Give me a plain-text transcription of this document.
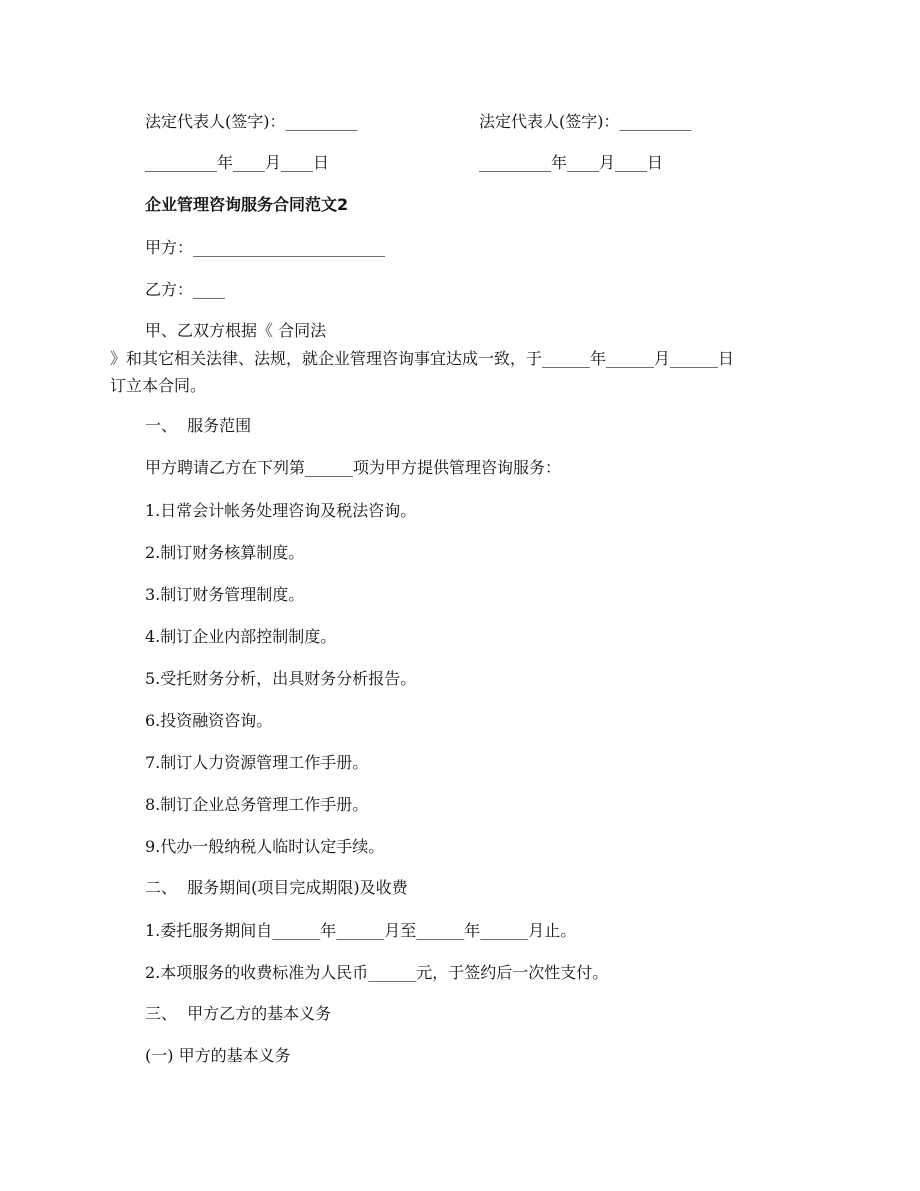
法定代表人(签字)：_________	法定代表人(签字)：_________
_________年____月____日	_________年____月____日
企业管理咨询服务合同范文2
甲方：________________________
乙方：____
甲、乙双方根据《 合同法
》和其它相关法律、法规，就企业管理咨询事宜达成一致，于______年______月______日
订立本合同。
一、  服务范围
甲方聘请乙方在下列第______项为甲方提供管理咨询服务：
1.日常会计帐务处理咨询及税法咨询。
2.制订财务核算制度。
3.制订财务管理制度。
4.制订企业内部控制制度。
5.受托财务分析，出具财务分析报告。
6.投资融资咨询。
7.制订人力资源管理工作手册。
8.制订企业总务管理工作手册。
9.代办一般纳税人临时认定手续。
二、  服务期间(项目完成期限)及收费
1.委托服务期间自______年______月至______年______月止。
2.本项服务的收费标准为人民币______元，于签约后一次性支付。
三、  甲方乙方的基本义务
(一) 甲方的基本义务
